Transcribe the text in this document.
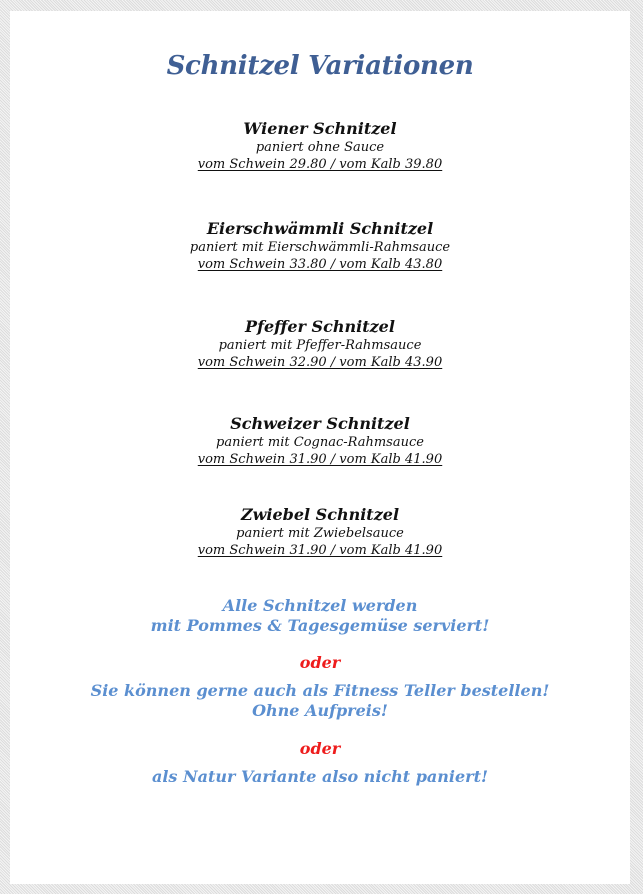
Schnitzel Variationen
Wiener Schnitzel
paniert ohne Sauce
vom Schwein 29.80 / vom Kalb 39.80
Eierschwämmli Schnitzel
paniert mit Eierschwämmli-Rahmsauce
vom Schwein 33.80 / vom Kalb 43.80
Pfeffer Schnitzel
paniert mit Pfeffer-Rahmsauce
vom Schwein 32.90 / vom Kalb 43.90
Schweizer Schnitzel
paniert mit Cognac-Rahmsauce
vom Schwein 31.90 / vom Kalb 41.90
Zwiebel Schnitzel
paniert mit Zwiebelsauce
vom Schwein 31.90 / vom Kalb 41.90
Alle Schnitzel werden
mit Pommes & Tagesgemüse serviert!
oder
Sie können gerne auch als Fitness Teller bestellen!
Ohne Aufpreis!
oder
als Natur Variante also nicht paniert!
